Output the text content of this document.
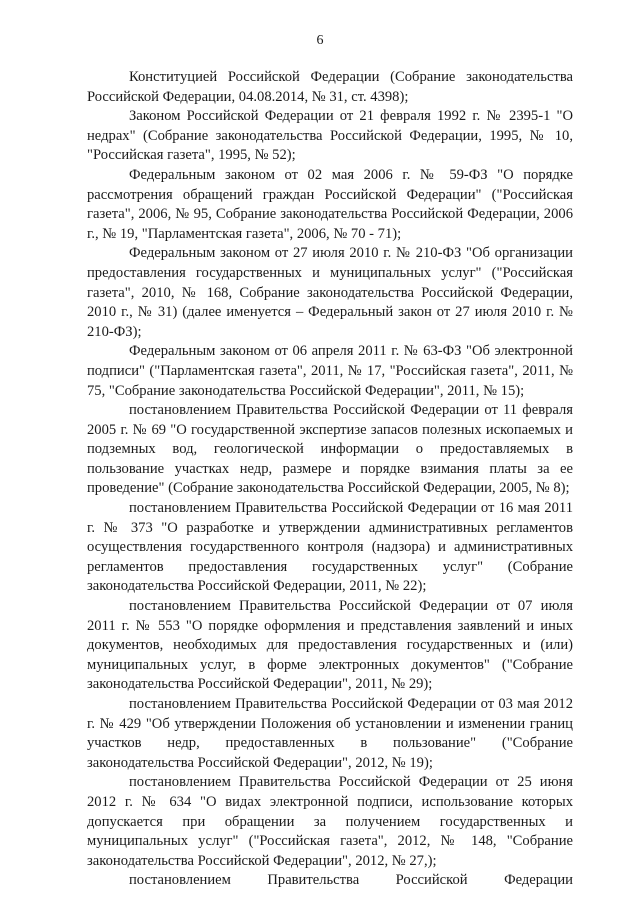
6

Конституцией Российской Федерации (Собрание законодательства Российской Федерации, 04.08.2014, № 31, ст. 4398);

Законом Российской Федерации от 21 февраля 1992 г. № 2395-1 "О недрах" (Собрание законодательства Российской Федерации, 1995, № 10, "Российская газета", 1995, № 52);

Федеральным законом от 02 мая 2006 г. № 59-ФЗ "О порядке рассмотрения обращений граждан Российской Федерации" ("Российская газета", 2006, № 95, Собрание законодательства Российской Федерации, 2006 г., № 19, "Парламентская газета", 2006, № 70 - 71);

Федеральным законом от 27 июля 2010 г. № 210-ФЗ "Об организации предоставления государственных и муниципальных услуг" ("Российская газета", 2010, № 168, Собрание законодательства Российской Федерации, 2010 г., № 31) (далее именуется – Федеральный закон от 27 июля 2010 г. № 210-ФЗ);

Федеральным законом от 06 апреля 2011 г. № 63-ФЗ "Об электронной подписи" ("Парламентская газета", 2011, № 17, "Российская газета", 2011, № 75, "Собрание законодательства Российской Федерации", 2011, № 15);

постановлением Правительства Российской Федерации от 11 февраля 2005 г. № 69 "О государственной экспертизе запасов полезных ископаемых и подземных вод, геологической информации о предоставляемых в пользование участках недр, размере и порядке взимания платы за ее проведение" (Собрание законодательства Российской Федерации, 2005, № 8);

постановлением Правительства Российской Федерации от 16 мая 2011 г. № 373 "О разработке и утверждении административных регламентов осуществления государственного контроля (надзора) и административных регламентов предоставления государственных услуг" (Собрание законодательства Российской Федерации, 2011, № 22);

постановлением Правительства Российской Федерации от 07 июля 2011 г. № 553 "О порядке оформления и представления заявлений и иных документов, необходимых для предоставления государственных и (или) муниципальных услуг, в форме электронных документов" ("Собрание законодательства Российской Федерации", 2011, № 29);

постановлением Правительства Российской Федерации от 03 мая 2012 г. № 429 "Об утверждении Положения об установлении и изменении границ участков недр, предоставленных в пользование" ("Собрание законодательства Российской Федерации", 2012, № 19);

постановлением Правительства Российской Федерации от 25 июня 2012 г. № 634 "О видах электронной подписи, использование которых допускается при обращении за получением государственных и муниципальных услуг" ("Российская газета", 2012, № 148, "Собрание законодательства Российской Федерации", 2012, № 27,);

постановлением Правительства Российской Федерации
